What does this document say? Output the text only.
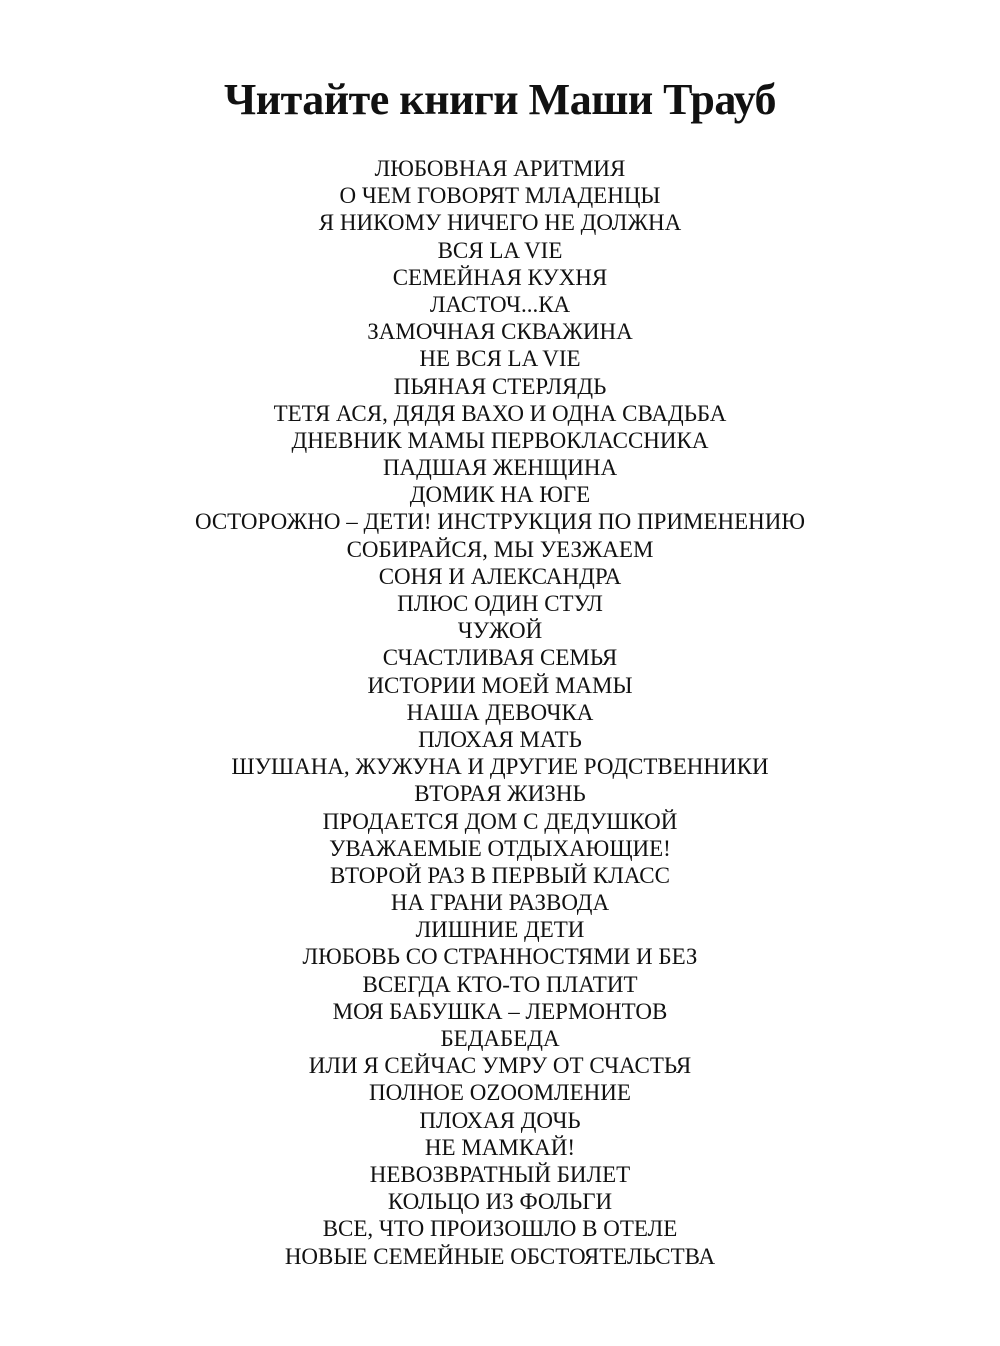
Читайте книги Маши Трауб
ЛЮБОВНАЯ АРИТМИЯ
О ЧЕМ ГОВОРЯТ МЛАДЕНЦЫ
Я НИКОМУ НИЧЕГО НЕ ДОЛЖНА
ВСЯ LA VIE
СЕМЕЙНАЯ КУХНЯ
ЛАСТОЧ...КА
ЗАМОЧНАЯ СКВАЖИНА
НЕ ВСЯ LA VIE
ПЬЯНАЯ СТЕРЛЯДЬ
ТЕТЯ АСЯ, ДЯДЯ ВАХО И ОДНА СВАДЬБА
ДНЕВНИК МАМЫ ПЕРВОКЛАССНИКА
ПАДШАЯ ЖЕНЩИНА
ДОМИК НА ЮГЕ
ОСТОРОЖНО – ДЕТИ! ИНСТРУКЦИЯ ПО ПРИМЕНЕНИЮ
СОБИРАЙСЯ, МЫ УЕЗЖАЕМ
СОНЯ И АЛЕКСАНДРА
ПЛЮС ОДИН СТУЛ
ЧУЖОЙ
СЧАСТЛИВАЯ СЕМЬЯ
ИСТОРИИ МОЕЙ МАМЫ
НАША ДЕВОЧКА
ПЛОХАЯ МАТЬ
ШУШАНА, ЖУЖУНА И ДРУГИЕ РОДСТВЕННИКИ
ВТОРАЯ ЖИЗНЬ
ПРОДАЕТСЯ ДОМ С ДЕДУШКОЙ
УВАЖАЕМЫЕ ОТДЫХАЮЩИЕ!
ВТОРОЙ РАЗ В ПЕРВЫЙ КЛАСС
НА ГРАНИ РАЗВОДА
ЛИШНИЕ ДЕТИ
ЛЮБОВЬ СО СТРАННОСТЯМИ И БЕЗ
ВСЕГДА КТО-ТО ПЛАТИТ
МОЯ БАБУШКА – ЛЕРМОНТОВ
БЕДАБЕДА
ИЛИ Я СЕЙЧАС УМРУ ОТ СЧАСТЬЯ
ПОЛНОЕ OZOOMЛЕНИЕ
ПЛОХАЯ ДОЧЬ
НЕ МАМКАЙ!
НЕВОЗВРАТНЫЙ БИЛЕТ
КОЛЬЦО ИЗ ФОЛЬГИ
ВСЕ, ЧТО ПРОИЗОШЛО В ОТЕЛЕ
НОВЫЕ СЕМЕЙНЫЕ ОБСТОЯТЕЛЬСТВА
